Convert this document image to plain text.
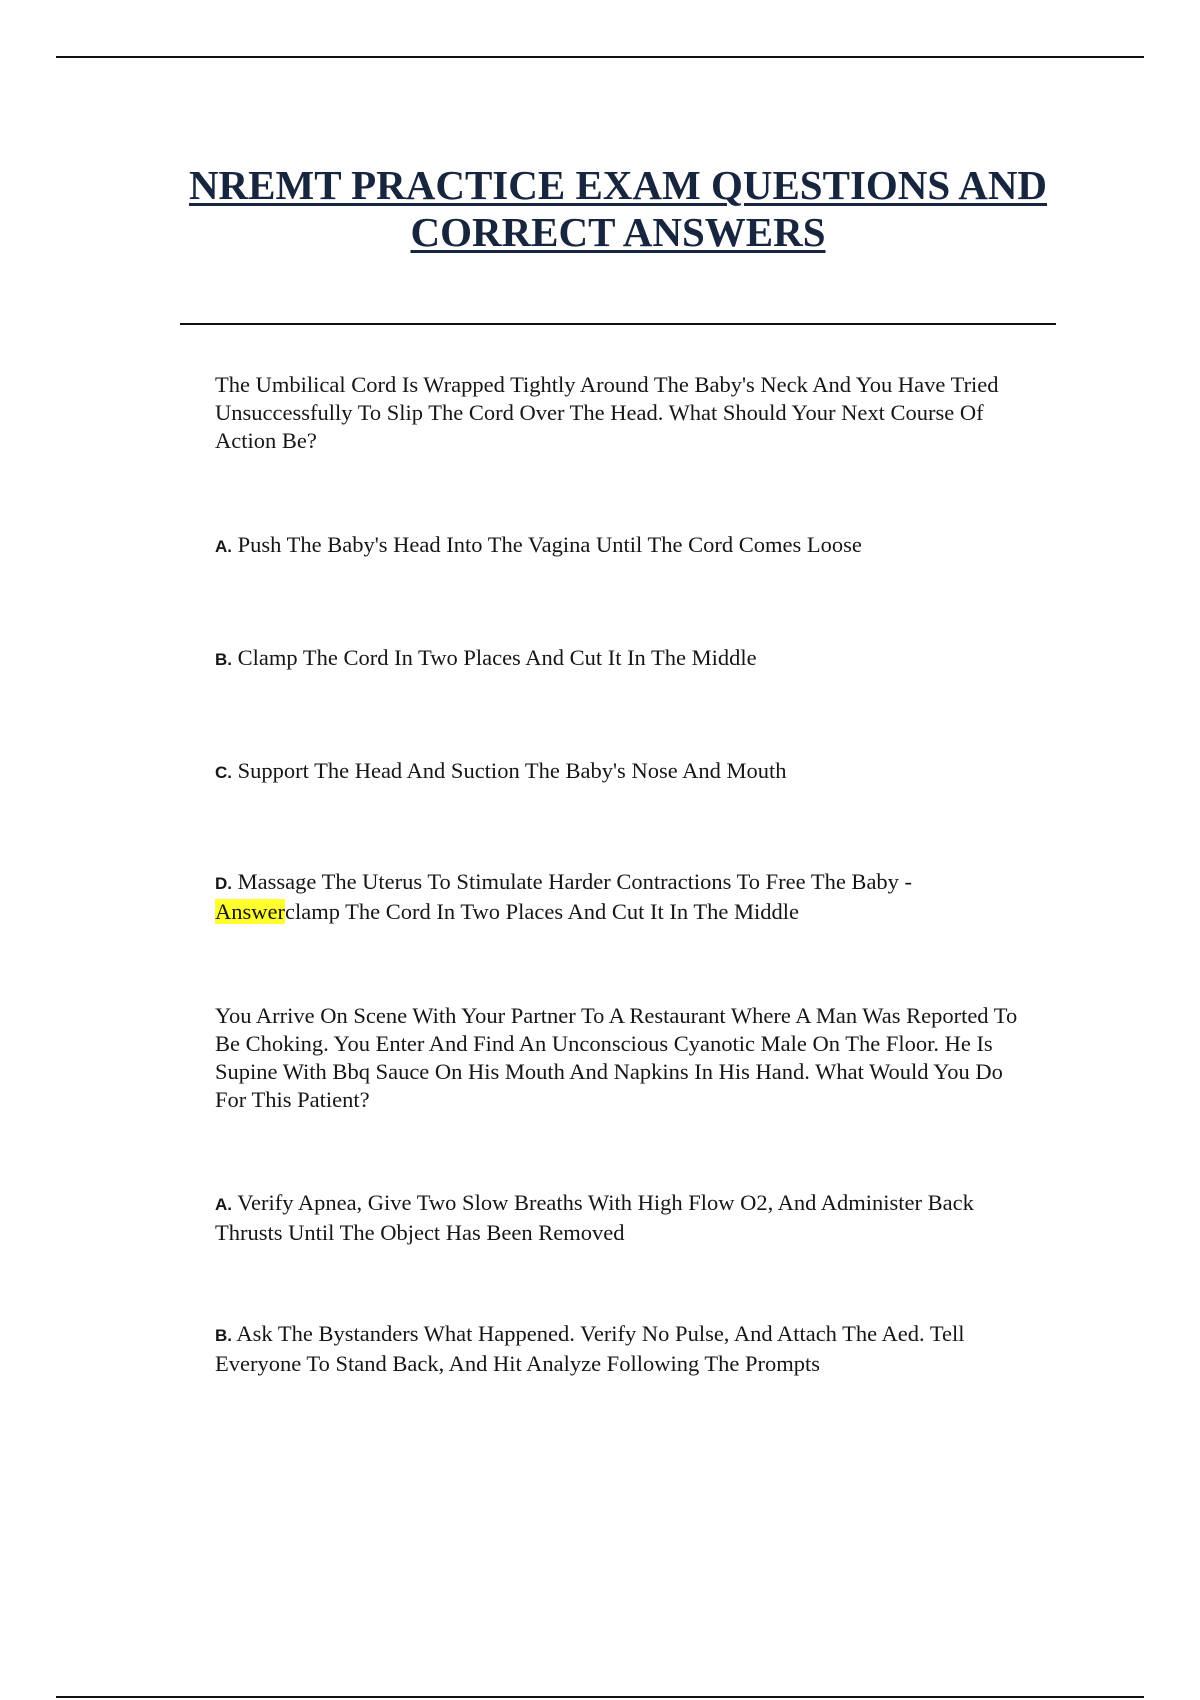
NREMT PRACTICE EXAM QUESTIONS AND
CORRECT ANSWERS
The Umbilical Cord Is Wrapped Tightly Around The Baby's Neck And You Have Tried Unsuccessfully To Slip The Cord Over The Head. What Should Your Next Course Of Action Be?
A. Push The Baby's Head Into The Vagina Until The Cord Comes Loose
B. Clamp The Cord In Two Places And Cut It In The Middle
C. Support The Head And Suction The Baby's Nose And Mouth
D. Massage The Uterus To Stimulate Harder Contractions To Free The Baby -
Answerclamp The Cord In Two Places And Cut It In The Middle
You Arrive On Scene With Your Partner To A Restaurant Where A Man Was Reported To Be Choking. You Enter And Find An Unconscious Cyanotic Male On The Floor. He Is Supine With Bbq Sauce On His Mouth And Napkins In His Hand. What Would You Do For This Patient?
A. Verify Apnea, Give Two Slow Breaths With High Flow O2, And Administer Back Thrusts Until The Object Has Been Removed
B. Ask The Bystanders What Happened. Verify No Pulse, And Attach The Aed. Tell Everyone To Stand Back, And Hit Analyze Following The Prompts
